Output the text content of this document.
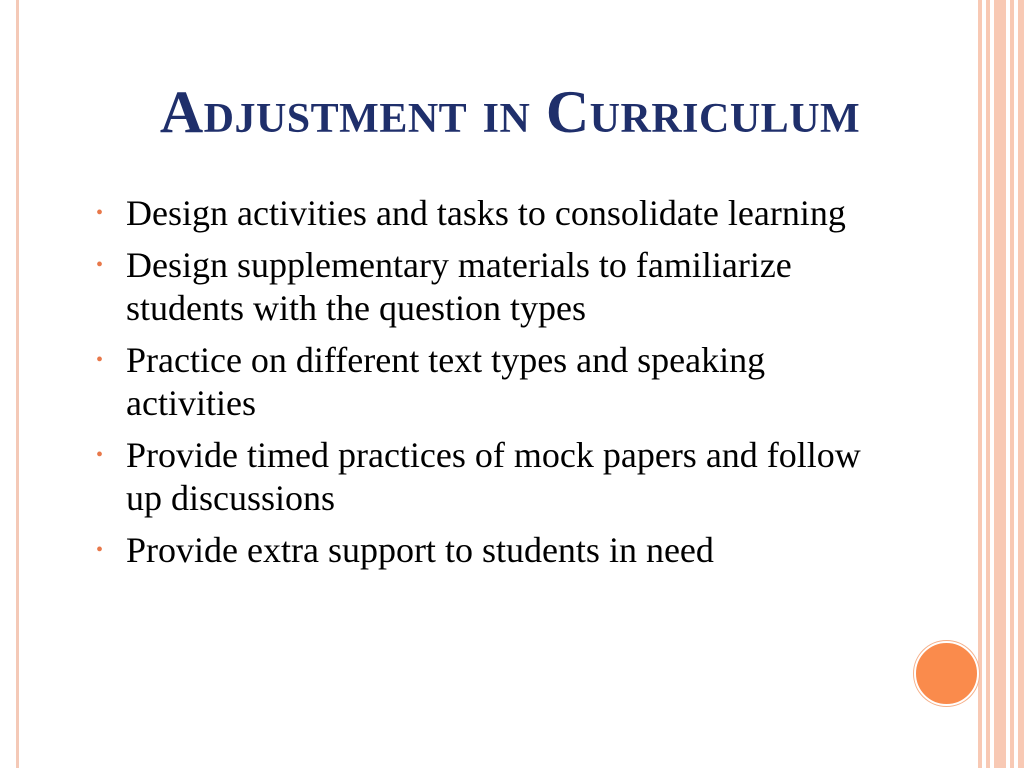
Adjustment in Curriculum
• Design activities and tasks to consolidate learning
• Design supplementary materials to familiarize students with the question types
• Practice on different text types and speaking activities
• Provide timed practices of mock papers and follow up discussions
• Provide extra support to students in need
